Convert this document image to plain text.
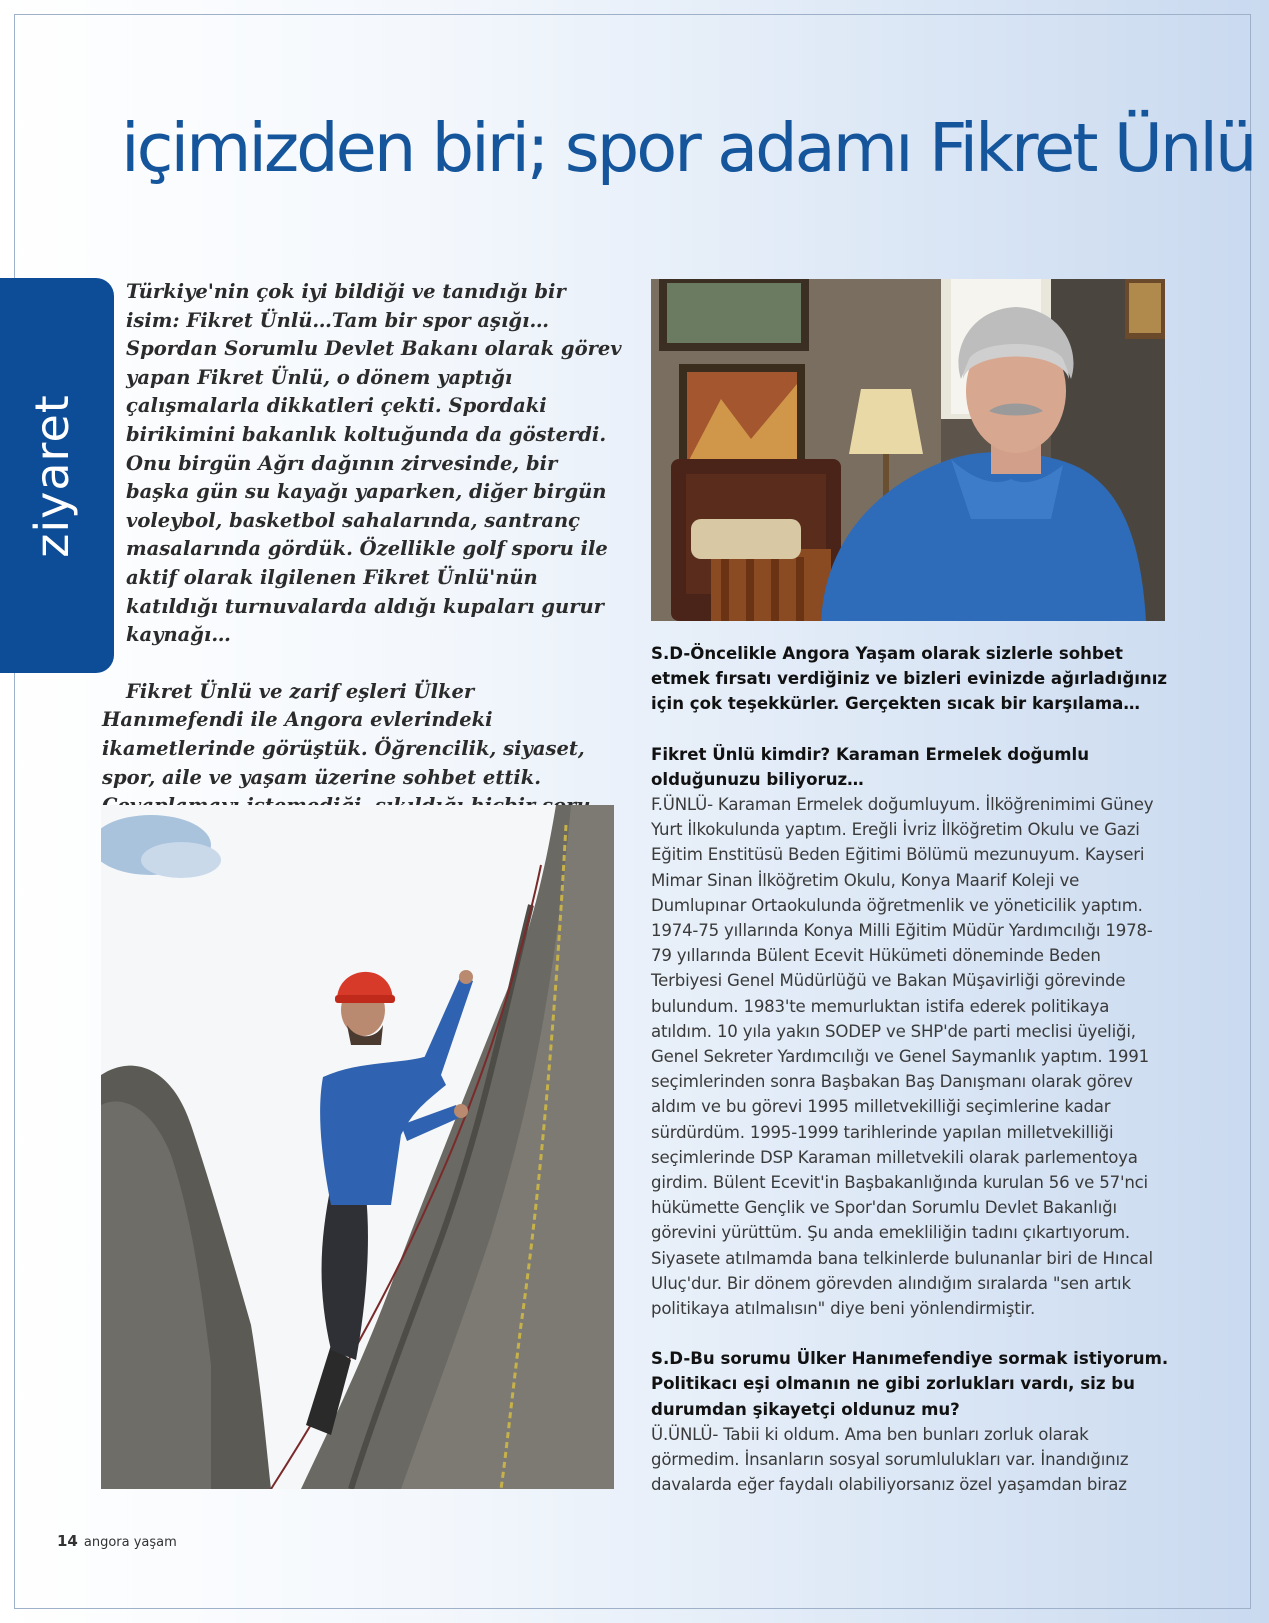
içimizden biri; spor adamı Fikret Ünlü
ziyaret

Türkiye'nin çok iyi bildiği ve tanıdığı bir isim: Fikret Ünlü…Tam bir spor aşığı… Spordan Sorumlu Devlet Bakanı olarak görev yapan Fikret Ünlü, o dönem yaptığı çalışmalarla dikkatleri çekti. Spordaki birikimini bakanlık koltuğunda da gösterdi. Onu birgün Ağrı dağının zirvesinde, bir başka gün su kayağı yaparken, diğer birgün voleybol, basketbol sahalarında, santranç masalarında gördük. Özellikle golf sporu ile aktif olarak ilgilenen Fikret Ünlü'nün katıldığı turnuvalarda aldığı kupaları gurur kaynağı…

Fikret Ünlü ve zarif eşleri Ülker Hanımefendi ile Angora evlerindeki ikametlerinde görüştük. Öğrencilik, siyaset, spor, aile ve yaşam üzerine sohbet ettik.

S.D-Öncelikle Angora Yaşam olarak sizlerle sohbet etmek fırsatı verdiğiniz ve bizleri evinizde ağırladığınız için çok teşekkürler. Gerçekten sıcak bir karşılama…

Fikret Ünlü kimdir? Karaman Ermelek doğumlu olduğunuzu biliyoruz…

F.ÜNLÜ- Karaman Ermelek doğumluyum. İlköğrenimimi Güney Yurt İlkokulunda yaptım. Ereğli İvriz İlköğretim Okulu ve Gazi Eğitim Enstitüsü Beden Eğitimi Bölümü mezunuyum. Kayseri Mimar Sinan İlköğretim Okulu, Konya Maarif Koleji ve Dumlupınar Ortaokulunda öğretmenlik ve yöneticilik yaptım. 1974-75 yıllarında Konya Milli Eğitim Müdür Yardımcılığı 1978-79 yıllarında Bülent Ecevit Hükümeti döneminde Beden Terbiyesi Genel Müdürlüğü ve Bakan Müşavirliği görevinde bulundum. 1983'te memurluktan istifa ederek politikaya atıldım. 10 yıla yakın SODEP ve SHP'de parti meclisi üyeliği, Genel Sekreter Yardımcılığı ve Genel Saymanlık yaptım. 1991 seçimlerinden sonra Başbakan Baş Danışmanı olarak görev aldım ve bu görevi 1995 milletvekilliği seçimlerine kadar sürdürdüm. 1995-1999 tarihlerinde yapılan milletvekilliği seçimlerinde DSP Karaman milletvekili olarak parlementoya girdim. Bülent Ecevit'in Başbakanlığında kurulan 56 ve 57'nci hükümette Gençlik ve Spor'dan Sorumlu Devlet Bakanlığı görevini yürüttüm. Şu anda emekliliğin tadını çıkartıyorum. Siyasete atılmamda bana telkinlerde bulunanlar biri de Hıncal Uluç'dur. Bir dönem görevden alındığım sıralarda "sen artık politikaya atılmalısın" diye beni yönlendirmiştir.

S.D-Bu sorumu Ülker Hanımefendiye sormak istiyorum. Politikacı eşi olmanın ne gibi zorlukları vardı, siz bu durumdan şikayetçi oldunuz mu?

Ü.ÜNLÜ- Tabii ki oldum. Ama ben bunları zorluk olarak görmedim. İnsanların sosyal sorumlulukları var. İnandığınız davalarda eğer faydalı olabiliyorsanız özel yaşamdan biraz

14 angora yaşam
